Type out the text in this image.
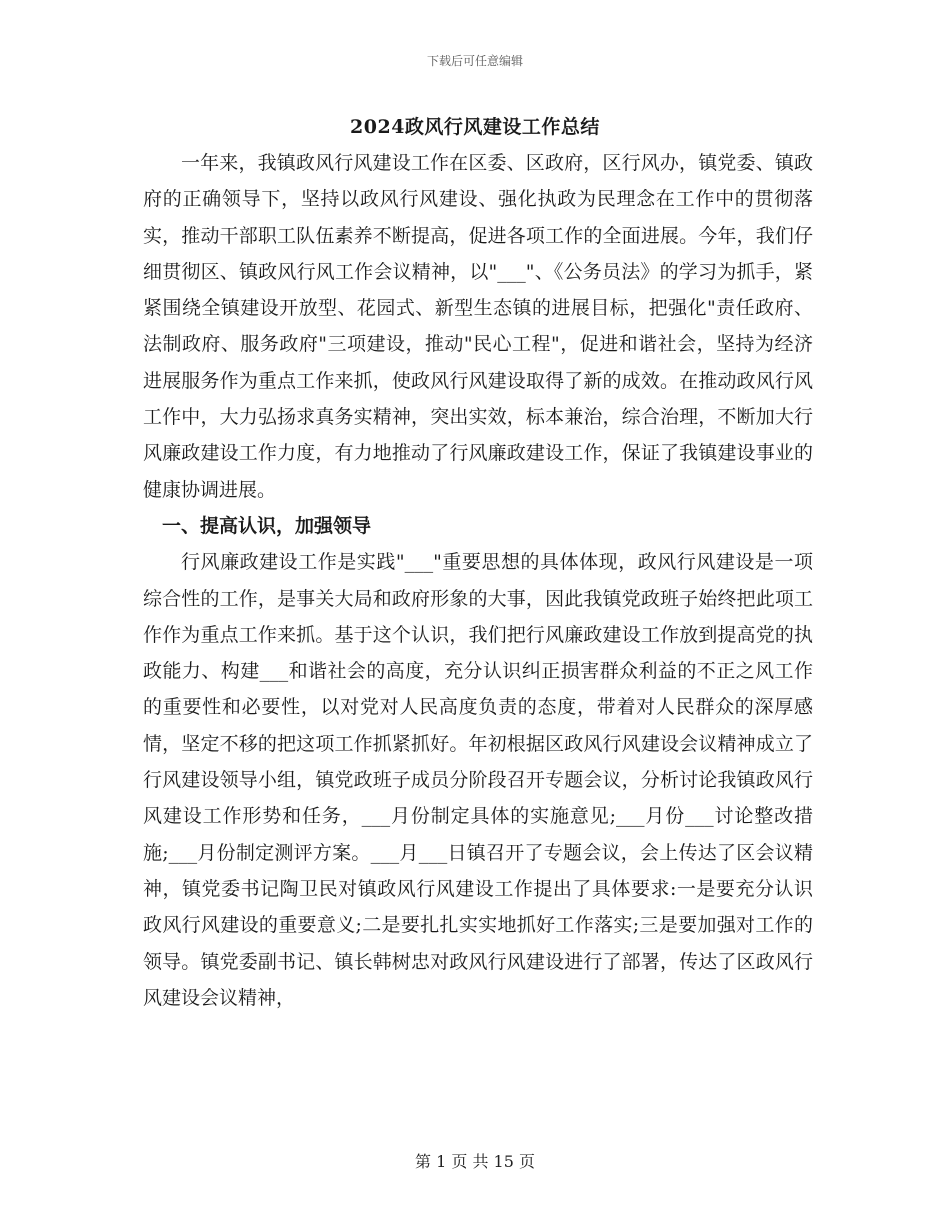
下载后可任意编辑
2024政风行风建设工作总结

一年来，我镇政风行风建设工作在区委、区政府，区行风办，镇党委、镇政府的正确领导下，坚持以政风行风建设、强化执政为民理念在工作中的贯彻落实，推动干部职工队伍素养不断提高，促进各项工作的全面进展。今年，我们仔细贯彻区、镇政风行风工作会议精神，以"___"、《公务员法》的学习为抓手，紧紧围绕全镇建设开放型、花园式、新型生态镇的进展目标，把强化"责任政府、法制政府、服务政府"三项建设，推动"民心工程"，促进和谐社会，坚持为经济进展服务作为重点工作来抓，使政风行风建设取得了新的成效。在推动政风行风工作中，大力弘扬求真务实精神，突出实效，标本兼治，综合治理，不断加大行风廉政建设工作力度，有力地推动了行风廉政建设工作，保证了我镇建设事业的健康协调进展。

一、提高认识，加强领导

行风廉政建设工作是实践"___"重要思想的具体体现，政风行风建设是一项综合性的工作，是事关大局和政府形象的大事，因此我镇党政班子始终把此项工作作为重点工作来抓。基于这个认识，我们把行风廉政建设工作放到提高党的执政能力、构建___和谐社会的高度，充分认识纠正损害群众利益的不正之风工作的重要性和必要性，以对党对人民高度负责的态度，带着对人民群众的深厚感情，坚定不移的把这项工作抓紧抓好。年初根据区政风行风建设会议精神成立了行风建设领导小组，镇党政班子成员分阶段召开专题会议，分析讨论我镇政风行风建设工作形势和任务，___月份制定具体的实施意见;___月份___讨论整改措施;___月份制定测评方案。___月___日镇召开了专题会议，会上传达了区会议精神，镇党委书记陶卫民对镇政风行风建设工作提出了具体要求:一是要充分认识政风行风建设的重要意义;二是要扎扎实实地抓好工作落实;三是要加强对工作的领导。镇党委副书记、镇长韩树忠对政风行风建设进行了部署，传达了区政风行风建设会议精神，

第 1 页 共 15 页
